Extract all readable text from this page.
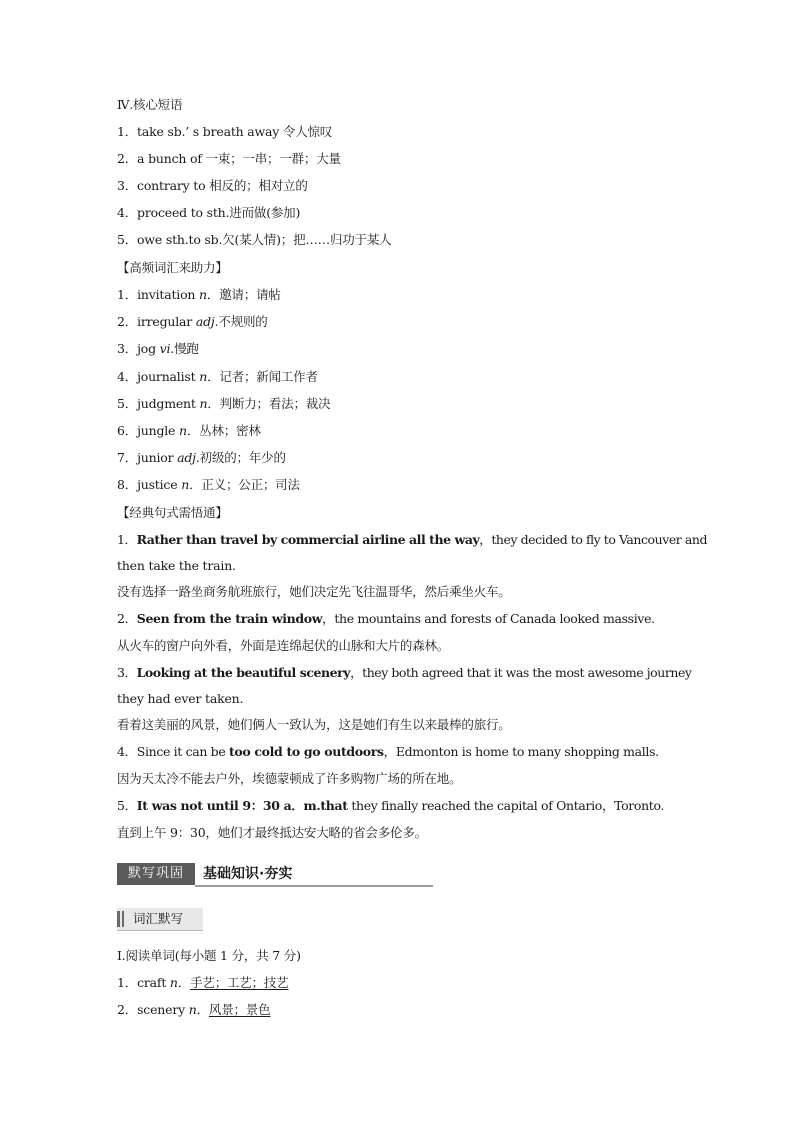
Ⅳ.核心短语
1．take sb.’ s breath away 令人惊叹
2．a bunch of 一束；一串；一群；大量
3．contrary to 相反的；相对立的
4．proceed to sth.进而做(参加)
5．owe sth.to sb.欠(某人情)；把……归功于某人
【高频词汇来助力】
1．invitation n．邀请；请帖
2．irregular adj.不规则的
3．jog vi.慢跑
4．journalist n．记者；新闻工作者
5．judgment n．判断力；看法；裁决
6．jungle n．丛林；密林
7．junior adj.初级的；年少的
8．justice n．正义；公正；司法
【经典句式需悟通】
1．Rather than travel by commercial airline all the way，they decided to fly to Vancouver and
then take the train.
没有选择一路坐商务航班旅行，她们决定先飞往温哥华，然后乘坐火车。
2．Seen from the train window，the mountains and forests of Canada looked massive.
从火车的窗户向外看，外面是连绵起伏的山脉和大片的森林。
3．Looking at the beautiful scenery，they both agreed that it was the most awesome journey
they had ever taken.
看着这美丽的风景，她们俩人一致认为，这是她们有生以来最棒的旅行。
4．Since it can be too cold to go outdoors，Edmonton is home to many shopping malls.
因为天太冷不能去户外，埃德蒙顿成了许多购物广场的所在地。
5．It was not until 9：30 a．m.that they finally reached the capital of Ontario，Toronto.
直到上午 9：30，她们才最终抵达安大略的省会多伦多。
默写巩固	基础知识·夯实
词汇默写
Ⅰ.阅读单词(每小题 1 分，共 7 分)
1．craft n．手艺；工艺；技艺
2．scenery n．风景；景色
